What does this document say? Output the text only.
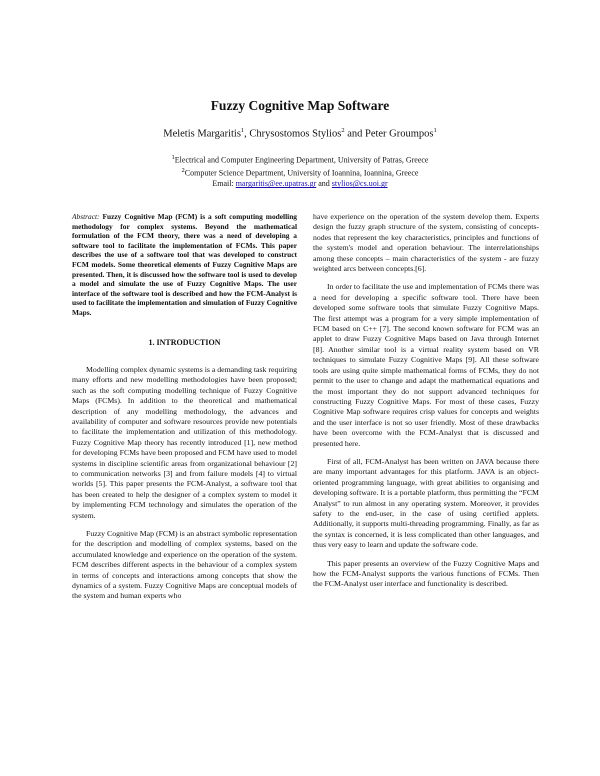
Fuzzy Cognitive Map Software
Meletis Margaritis$^1$, Chrysostomos Stylios$^2$ and Peter Groumpos$^1$
$^1$Electrical and Computer Engineering Department, University of Patras, Greece
$^2$Computer Science Department, University of Ioannina, Ioannina, Greece
Email: margaritis@ee.upatras.gr and stylios@cs.uoi.gr
Abstract: Fuzzy Cognitive Map (FCM) is a soft computing modelling methodology for complex systems. Beyond the mathematical formulation of the FCM theory, there was a need of developing a software tool to facilitate the implementation of FCMs. This paper describes the use of a software tool that was developed to construct FCM models. Some theoretical elements of Fuzzy Cognitive Maps are presented. Then, it is discussed how the software tool is used to develop a model and simulate the use of Fuzzy Cognitive Maps. The user interface of the software tool is described and how the FCM-Analyst is used to facilitate the implementation and simulation of Fuzzy Cognitive Maps.
1. INTRODUCTION

Modelling complex dynamic systems is a demanding task requiring many efforts and new modelling methodologies have been proposed; such as the soft computing modelling technique of Fuzzy Cognitive Maps (FCMs). In addition to the theoretical and mathematical description of any modelling methodology, the advances and availability of computer and software resources provide new potentials to facilitate the implementation and utilization of this methodology. Fuzzy Cognitive Map theory has recently introduced [1], new method for developing FCMs have been proposed and FCM have used to model systems in discipline scientific areas from organizational behaviour [2] to communication networks [3] and from failure models [4] to virtual worlds [5]. This paper presents the FCM-Analyst, a software tool that has been created to help the designer of a complex system to model it by implementing FCM technology and simulates the operation of the system.

Fuzzy Cognitive Map (FCM) is an abstract symbolic representation for the description and modelling of complex systems, based on the accumulated knowledge and experience on the operation of the system. FCM describes different aspects in the behaviour of a complex system in terms of concepts and interactions among concepts that show the dynamics of a system. Fuzzy Cognitive Maps are conceptual models of the system and human experts who

have experience on the operation of the system develop them. Experts design the fuzzy graph structure of the system, consisting of concepts-nodes that represent the key characteristics, principles and functions of the system's model and operation behaviour. The interrelationships among these concepts – main characteristics of the system - are fuzzy weighted arcs between concepts.[6].

In order to facilitate the use and implementation of FCMs there was a need for developing a specific software tool. There have been developed some software tools that simulate Fuzzy Cognitive Maps. The first attempt was a program for a very simple implementation of FCM based on C++ [7]. The second known software for FCM was an applet to draw Fuzzy Cognitive Maps based on Java through Internet [8]. Another similar tool is a virtual reality system based on VR techniques to simulate Fuzzy Cognitive Maps [9]. All these software tools are using quite simple mathematical forms of FCMs, they do not permit to the user to change and adapt the mathematical equations and the most important they do not support advanced techniques for constructing Fuzzy Cognitive Maps. For most of these cases, Fuzzy Cognitive Map software requires crisp values for concepts and weights and the user interface is not so user friendly. Most of these drawbacks have been overcome with the FCM-Analyst that is discussed and presented here.

First of all, FCM-Analyst has been written on JAVA because there are many important advantages for this platform. JAVA is an object-oriented programming language, with great abilities to organising and developing software. It is a portable platform, thus permitting the “FCM Analyst” to run almost in any operating system. Moreover, it provides safety to the end-user, in the case of using certified applets. Additionally, it supports multi-threading programming. Finally, as far as the syntax is concerned, it is less complicated than other languages, and thus very easy to learn and update the software code.

This paper presents an overview of the Fuzzy Cognitive Maps and how the FCM-Analyst supports the various functions of FCMs. Then the FCM-Analyst user interface and functionality is described.
